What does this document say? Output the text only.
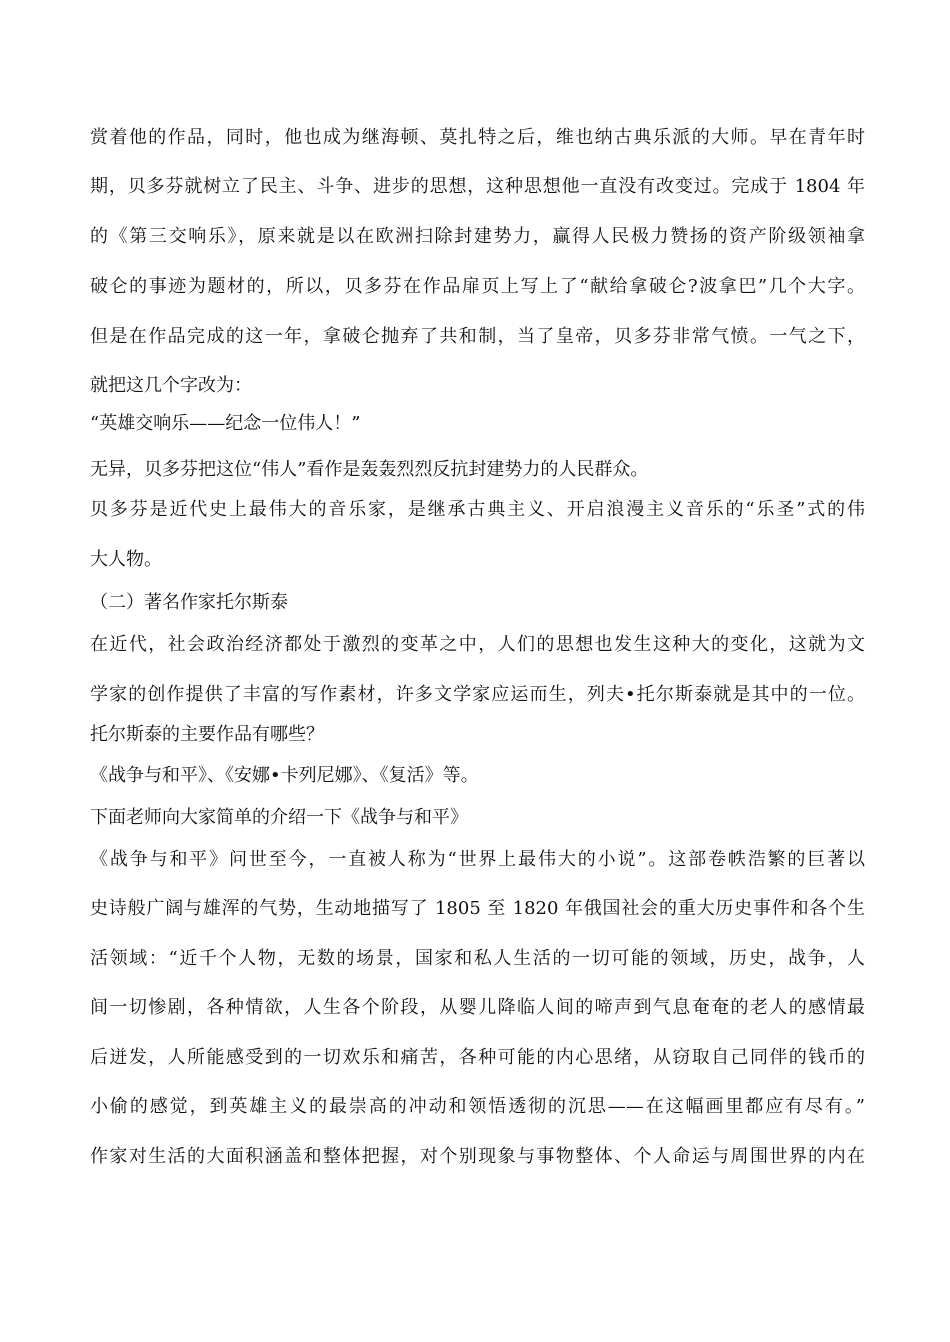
赏着他的作品，同时，他也成为继海顿、莫扎特之后，维也纳古典乐派的大师。早在青年时

期，贝多芬就树立了民主、斗争、进步的思想，这种思想他一直没有改变过。完成于 1804 年

的《第三交响乐》，原来就是以在欧洲扫除封建势力，赢得人民极力赞扬的资产阶级领袖拿

破仑的事迹为题材的，所以，贝多芬在作品扉页上写上了“献给拿破仑?波拿巴”几个大字。

但是在作品完成的这一年，拿破仑抛弃了共和制，当了皇帝，贝多芬非常气愤。一气之下，

就把这几个字改为：

“英雄交响乐——纪念一位伟人！”

无异，贝多芬把这位“伟人”看作是轰轰烈烈反抗封建势力的人民群众。

贝多芬是近代史上最伟大的音乐家，是继承古典主义、开启浪漫主义音乐的“乐圣”式的伟

大人物。

（二）著名作家托尔斯泰

在近代，社会政治经济都处于激烈的变革之中，人们的思想也发生这种大的变化，这就为文

学家的创作提供了丰富的写作素材，许多文学家应运而生，列夫•托尔斯泰就是其中的一位。

托尔斯泰的主要作品有哪些？

《战争与和平》、《安娜•卡列尼娜》、《复活》等。

下面老师向大家简单的介绍一下《战争与和平》

《战争与和平》问世至今，一直被人称为“世界上最伟大的小说”。这部卷帙浩繁的巨著以

史诗般广阔与雄浑的气势，生动地描写了 1805 至 1820 年俄国社会的重大历史事件和各个生

活领域：“近千个人物，无数的场景，国家和私人生活的一切可能的领域，历史，战争，人

间一切惨剧，各种情欲，人生各个阶段，从婴儿降临人间的啼声到气息奄奄的老人的感情最

后迸发，人所能感受到的一切欢乐和痛苦，各种可能的内心思绪，从窃取自己同伴的钱币的

小偷的感觉，到英雄主义的最崇高的冲动和领悟透彻的沉思——在这幅画里都应有尽有。”

作家对生活的大面积涵盖和整体把握，对个别现象与事物整体、个人命运与周围世界的内在
